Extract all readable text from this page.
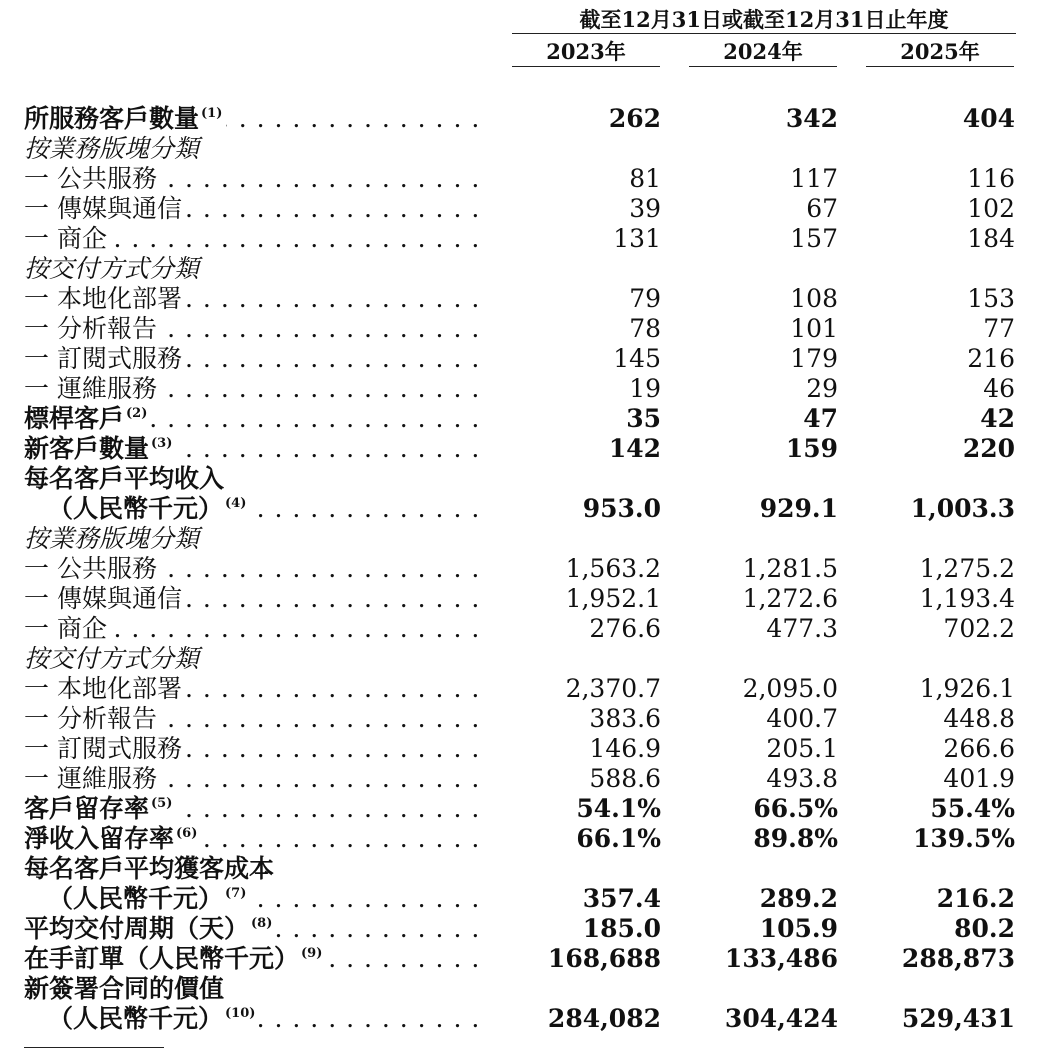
截至12月31日或截至12月31日止年度
2023年	2024年	2025年
所服務客戶數量 $^{(1)}$ . . .	262	342	404
按業務版塊分類
一 公共服務 . . .	81	117	116
一 傳媒與通信 . . .	39	67	102
一 商企 . . .	131	157	184
按交付方式分類
一 本地化部署 . . .	79	108	153
一 分析報告 . . .	78	101	77
一 訂閱式服務 . . .	145	179	216
一 運維服務 . . .	19	29	46
標桿客戶 $^{(2)}$ . . .	35	47	42
新客戶數量 $^{(3)}$ . . .	142	159	220
每名客戶平均收入
（人民幣千元） $^{(4)}$ . . .	953.0	929.1	1,003.3
按業務版塊分類
一 公共服務 . . .	1,563.2	1,281.5	1,275.2
一 傳媒與通信 . . .	1,952.1	1,272.6	1,193.4
一 商企 . . .	276.6	477.3	702.2
按交付方式分類
一 本地化部署 . . .	2,370.7	2,095.0	1,926.1
一 分析報告 . . .	383.6	400.7	448.8
一 訂閱式服務 . . .	146.9	205.1	266.6
一 運維服務 . . .	588.6	493.8	401.9
客戶留存率 $^{(5)}$ . . .	54.1%	66.5%	55.4%
淨收入留存率 $^{(6)}$ . . .	66.1%	89.8%	139.5%
每名客戶平均獲客成本
（人民幣千元） $^{(7)}$ . . .	357.4	289.2	216.2
平均交付周期（天） $^{(8)}$ . . .	185.0	105.9	80.2
在手訂單（人民幣千元） $^{(9)}$ . . .	168,688	133,486	288,873
新簽署合同的價值
（人民幣千元） $^{(10)}$ . . .	284,082	304,424	529,431
